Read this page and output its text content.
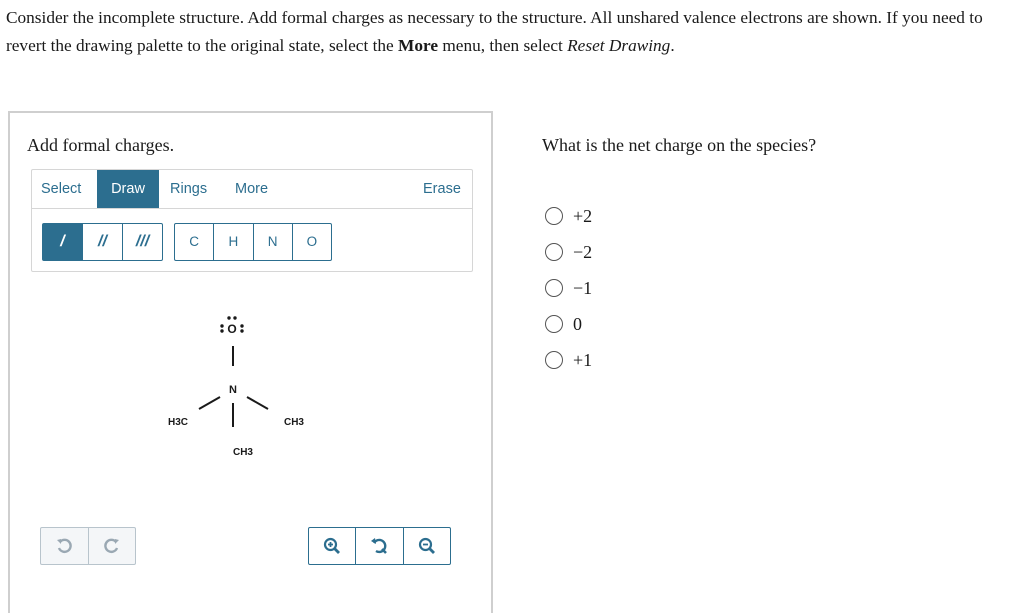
Consider the incomplete structure. Add formal charges as necessary to the structure. All unshared valence electrons are shown. If you need to revert the drawing palette to the original state, select the More menu, then select Reset Drawing.
Add formal charges.
Select	Draw	Rings More	Erase
/	//	///	C	H	N	O
O
N
H3C	CH3
CH3
What is the net charge on the species?
+2
−2
−1
0
+1
